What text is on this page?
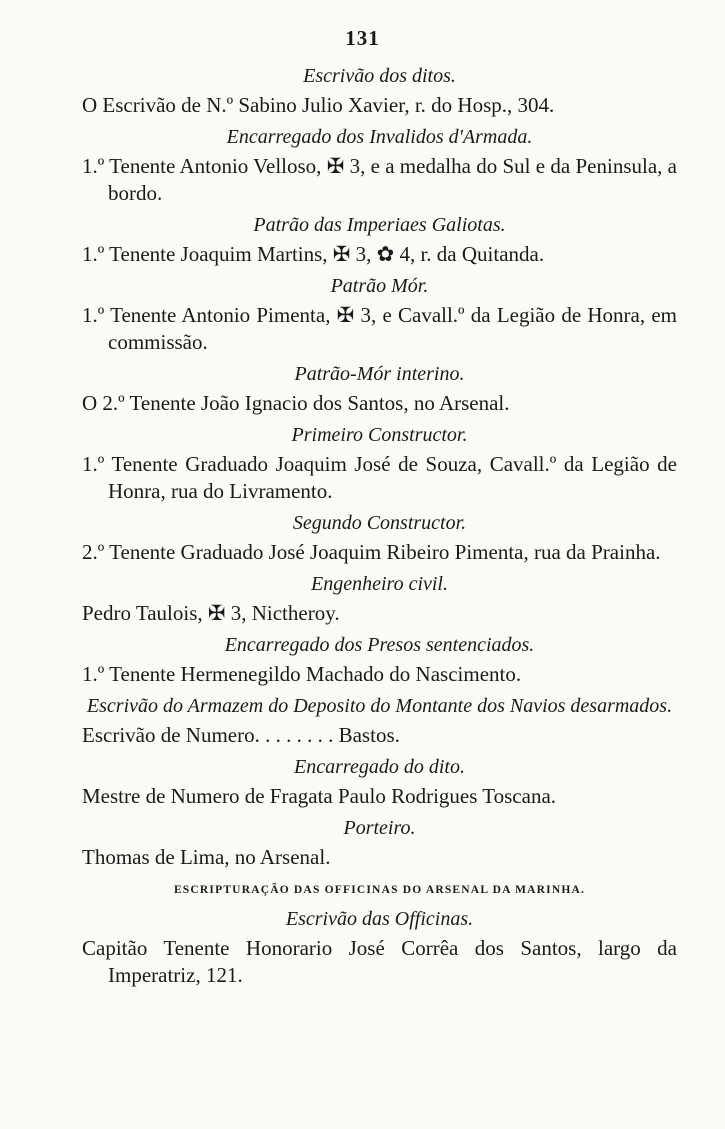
131
Escrivão dos ditos.
O Escrivão de N.º Sabino Julio Xavier, r. do Hosp., 304.
Encarregado dos Invalidos d'Armada.
1.º Tenente Antonio Velloso, ✠ 3, e a medalha do Sul e da Peninsula, a bordo.
Patrão das Imperiaes Galiotas.
1.º Tenente Joaquim Martins, ✠ 3, ✿ 4, r. da Quitanda.
Patrão Mór.
1.º Tenente Antonio Pimenta, ✠ 3, e Cavall.º da Legião de Honra, em commissão.
Patrão-Mór interino.
O 2.º Tenente João Ignacio dos Santos, no Arsenal.
Primeiro Constructor.
1.º Tenente Graduado Joaquim José de Souza, Cavall.º da Legião de Honra, rua do Livramento.
Segundo Constructor.
2.º Tenente Graduado José Joaquim Ribeiro Pimenta, rua da Prainha.
Engenheiro civil.
Pedro Taulois, ✠ 3, Nictheroy.
Encarregado dos Presos sentenciados.
1.º Tenente Hermenegildo Machado do Nascimento.
Escrivão do Armazem do Deposito do Montante dos Navios desarmados.
Escrivão de Numero. . . . . . . . Bastos.
Encarregado do dito.
Mestre de Numero de Fragata Paulo Rodrigues Toscana.
Porteiro.
Thomas de Lima, no Arsenal.
ESCRIPTURAÇÃO DAS OFFICINAS DO ARSENAL DA MARINHA.
Escrivão das Officinas.
Capitão Tenente Honorario José Corrêa dos Santos, largo da Imperatriz, 121.
